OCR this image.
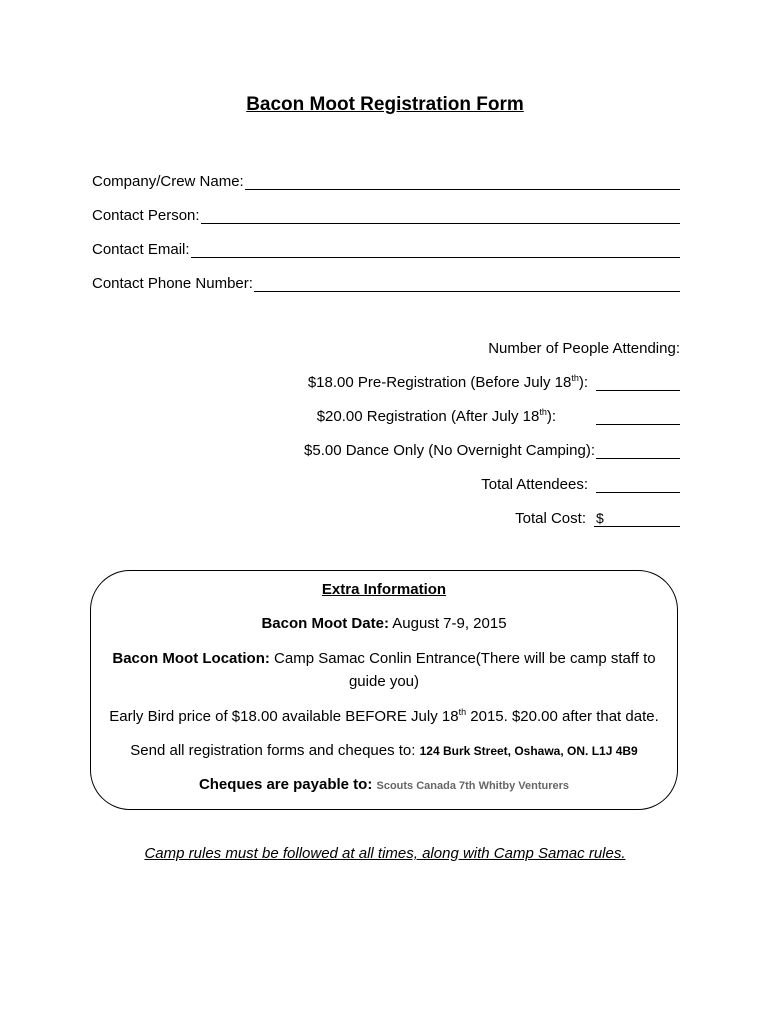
Bacon Moot Registration Form
Company/Crew Name:
Contact Person:
Contact Email:
Contact Phone Number:
Number of People Attending:
$18.00 Pre-Registration (Before July 18th):
$20.00 Registration (After July 18th):
$5.00 Dance Only (No Overnight Camping):
Total Attendees:
Total Cost: $
Extra Information
Bacon Moot Date: August 7-9, 2015
Bacon Moot Location: Camp Samac Conlin Entrance(There will be camp staff to
guide you)
Early Bird price of $18.00 available BEFORE July 18th 2015. $20.00 after that date.
Send all registration forms and cheques to: 124 Burk Street, Oshawa, ON. L1J 4B9
Cheques are payable to: Scouts Canada 7th Whitby Venturers
Camp rules must be followed at all times, along with Camp Samac rules.
